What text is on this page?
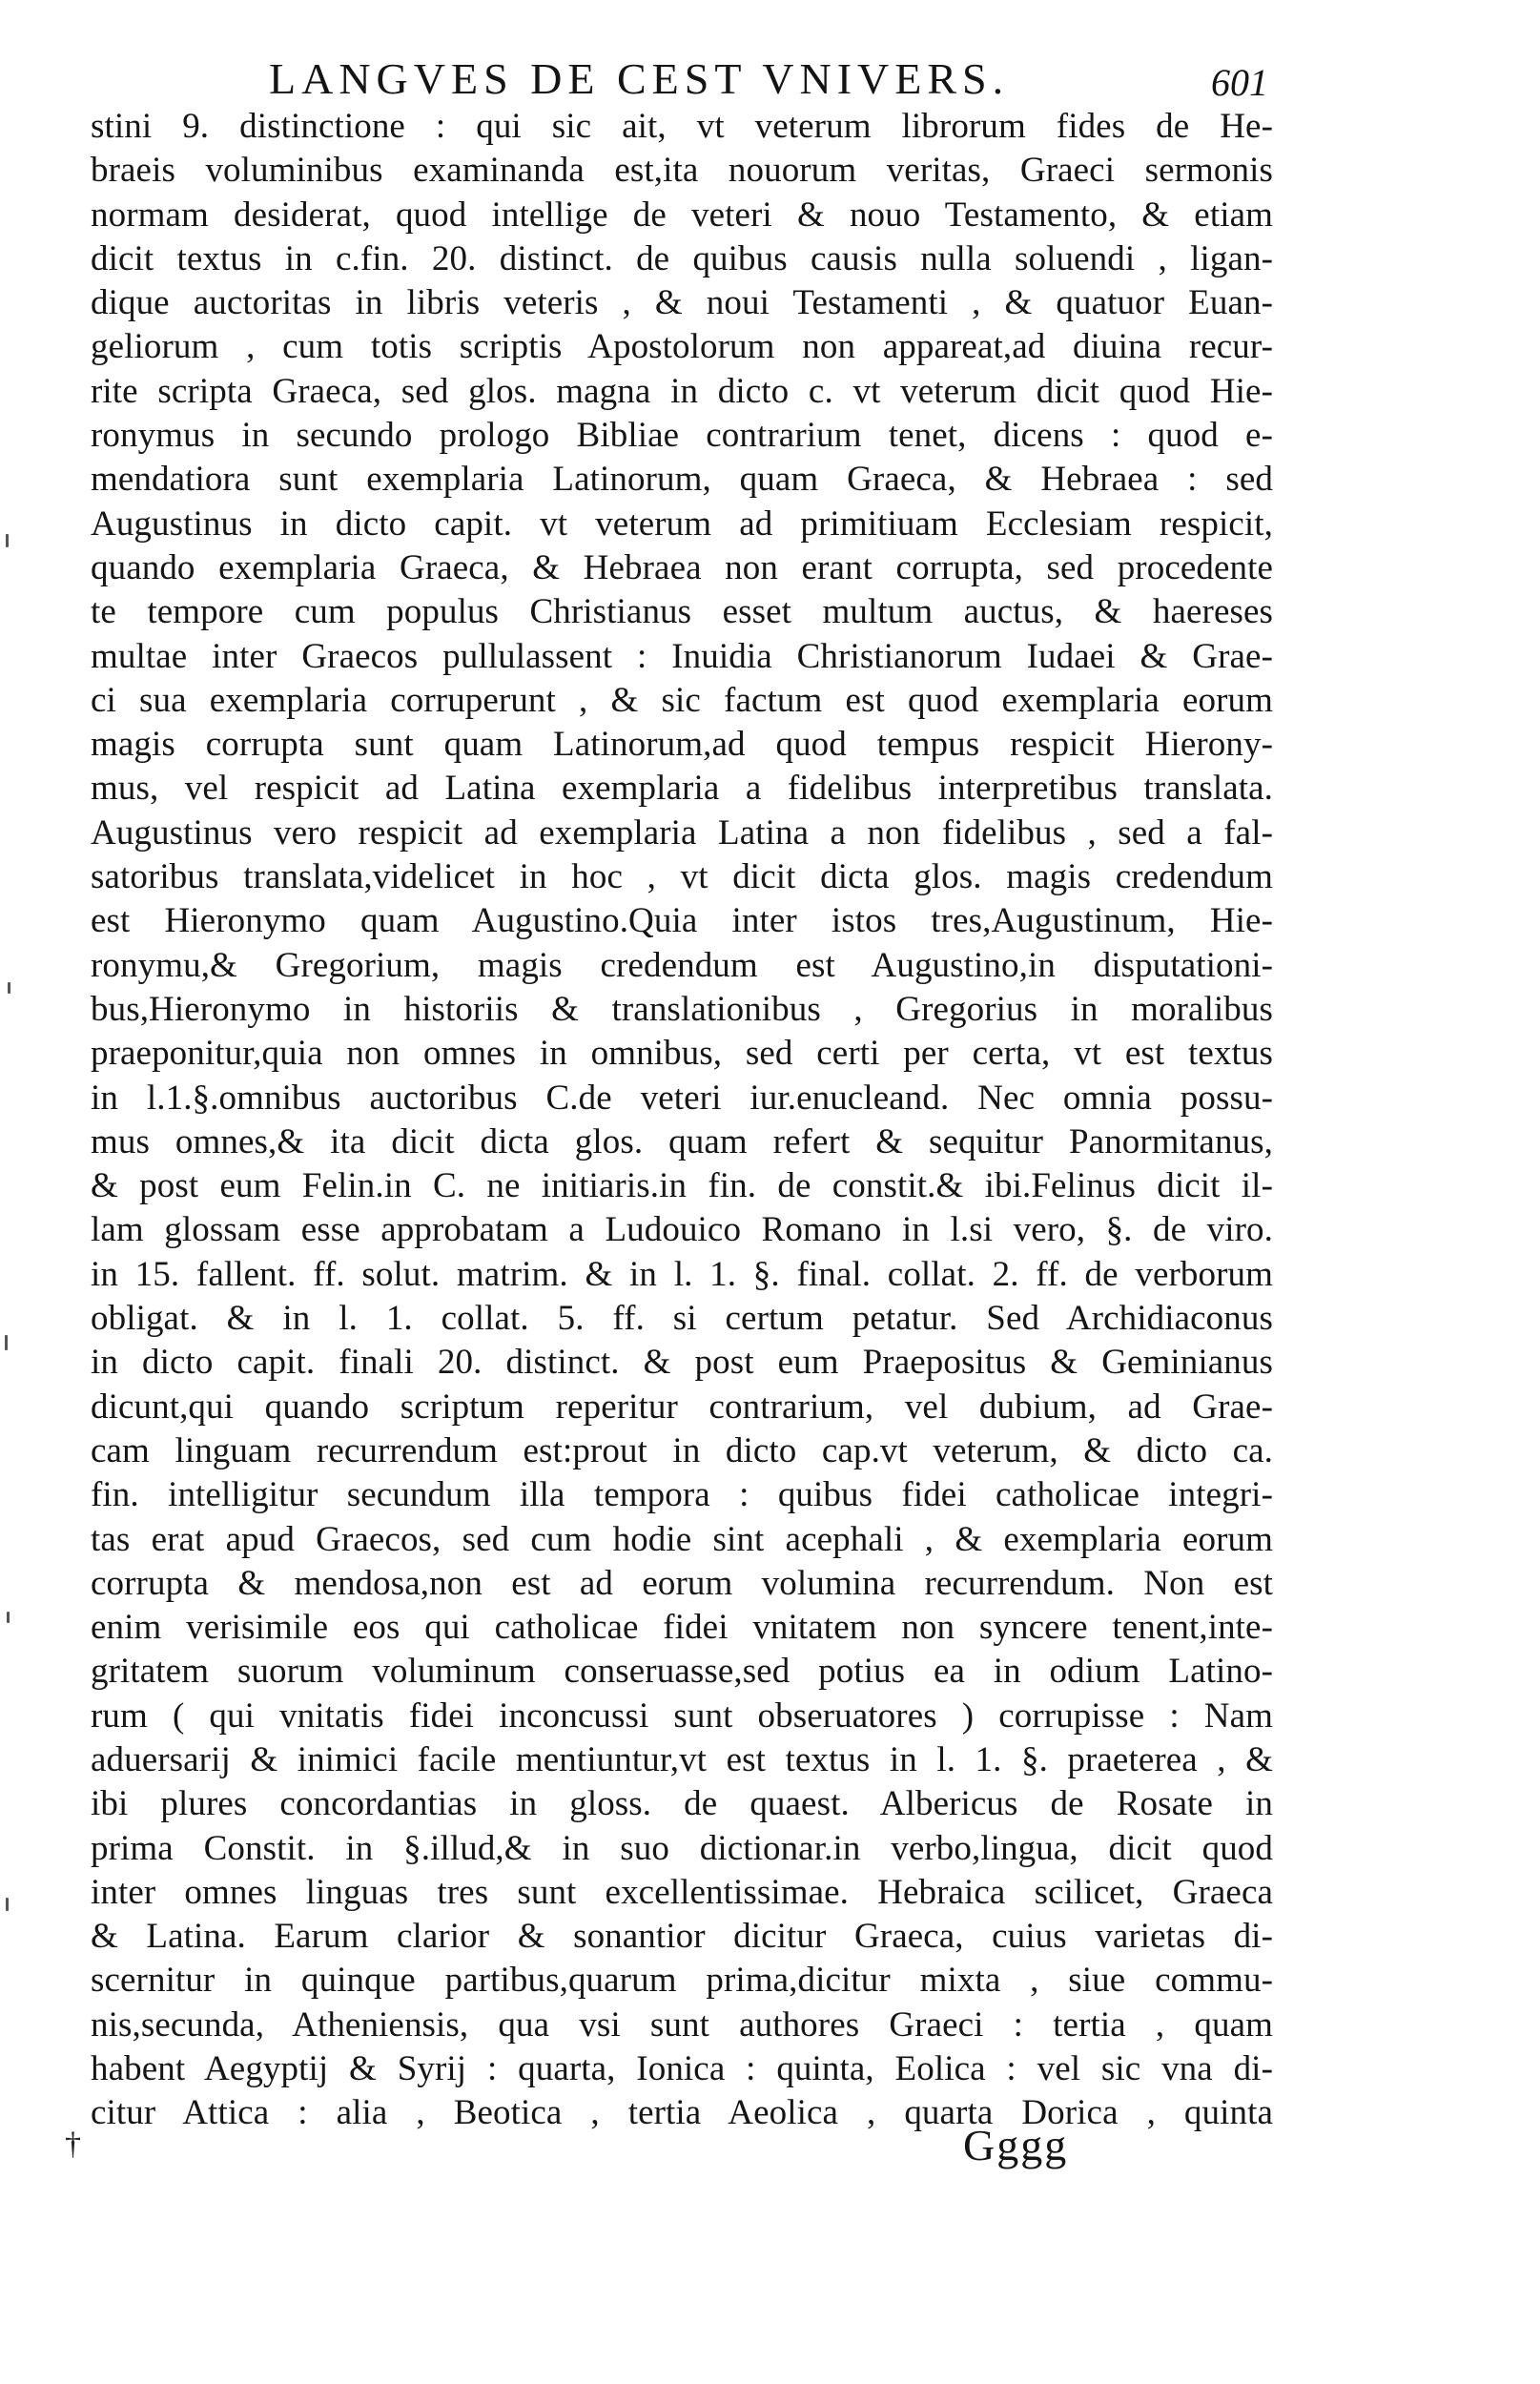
LANGVES DE CEST VNIVERS.	601
stini 9. distinctione : qui sic ait, vt veterum librorum fides de He-
braeis voluminibus examinanda est,ita nouorum veritas, Graeci sermonis
normam desiderat, quod intellige de veteri & nouo Testamento, & etiam
dicit textus in c.fin. 20. distinct. de quibus causis nulla soluendi , ligan-
dique auctoritas in libris veteris , & noui Testamenti , & quatuor Euan-
geliorum , cum totis scriptis Apostolorum non appareat,ad diuina recur-
rite scripta Graeca, sed glos. magna in dicto c. vt veterum dicit quod Hie-
ronymus in secundo prologo Bibliae contrarium tenet, dicens : quod e-
mendatiora sunt exemplaria Latinorum, quam Graeca, & Hebraea : sed
Augustinus in dicto capit. vt veterum ad primitiuam Ecclesiam respicit,
quando exemplaria Graeca, & Hebraea non erant corrupta, sed procedente
te tempore cum populus Christianus esset multum auctus, & haereses
multae inter Graecos pullulassent : Inuidia Christianorum Iudaei & Grae-
ci sua exemplaria corruperunt , & sic factum est quod exemplaria eorum
magis corrupta sunt quam Latinorum,ad quod tempus respicit Hierony-
mus, vel respicit ad Latina exemplaria a fidelibus interpretibus translata.
Augustinus vero respicit ad exemplaria Latina a non fidelibus , sed a fal-
satoribus translata,videlicet in hoc , vt dicit dicta glos. magis credendum
est Hieronymo quam Augustino.Quia inter istos tres,Augustinum, Hie-
ronymu,& Gregorium, magis credendum est Augustino,in disputationi-
bus,Hieronymo in historiis & translationibus , Gregorius in moralibus
praeponitur,quia non omnes in omnibus, sed certi per certa, vt est textus
in l.1.§.omnibus auctoribus C.de veteri iur.enucleand. Nec omnia possu-
mus omnes,& ita dicit dicta glos. quam refert & sequitur Panormitanus,
& post eum Felin.in C. ne initiaris.in fin. de constit.& ibi.Felinus dicit il-
lam glossam esse approbatam a Ludouico Romano in l.si vero, §. de viro.
in 15. fallent. ff. solut. matrim. & in l. 1. §. final. collat. 2. ff. de verborum
obligat. & in l. 1. collat. 5. ff. si certum petatur. Sed Archidiaconus
in dicto capit. finali 20. distinct. & post eum Praepositus & Geminianus
dicunt,qui quando scriptum reperitur contrarium, vel dubium, ad Grae-
cam linguam recurrendum est:prout in dicto cap.vt veterum, & dicto ca.
fin. intelligitur secundum illa tempora : quibus fidei catholicae integri-
tas erat apud Graecos, sed cum hodie sint acephali , & exemplaria eorum
corrupta & mendosa,non est ad eorum volumina recurrendum. Non est
enim verisimile eos qui catholicae fidei vnitatem non syncere tenent,inte-
gritatem suorum voluminum conseruasse,sed potius ea in odium Latino-
rum ( qui vnitatis fidei inconcussi sunt obseruatores ) corrupisse : Nam
aduersarij & inimici facile mentiuntur,vt est textus in l. 1. §. praeterea , &
ibi plures concordantias in gloss. de quaest. Albericus de Rosate in
prima Constit. in §.illud,& in suo dictionar.in verbo,lingua, dicit quod
inter omnes linguas tres sunt excellentissimae. Hebraica scilicet, Graeca
& Latina. Earum clarior & sonantior dicitur Graeca, cuius varietas di-
scernitur in quinque partibus,quarum prima,dicitur mixta , siue commu-
nis,secunda, Atheniensis, qua vsi sunt authores Graeci : tertia , quam
habent Aegyptij & Syrij : quarta, Ionica : quinta, Eolica : vel sic vna di-
citur Attica : alia , Beotica , tertia Aeolica , quarta Dorica , quinta
†	Gggg
